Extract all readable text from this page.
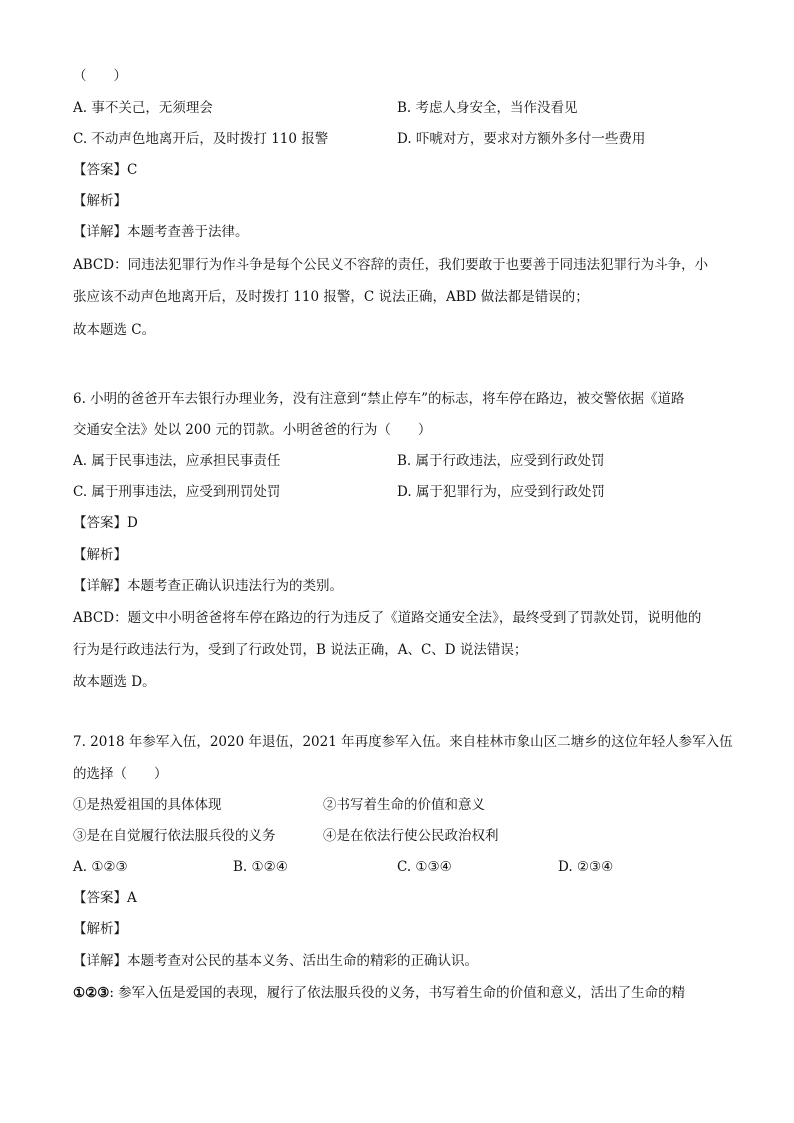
（　　）
A. 事不关己，无须理会	B. 考虑人身安全，当作没看见
C. 不动声色地离开后，及时拨打 110 报警	D. 吓唬对方，要求对方额外多付一些费用
【答案】C
【解析】
【详解】本题考查善于法律。
ABCD：同违法犯罪行为作斗争是每个公民义不容辞的责任，我们要敢于也要善于同违法犯罪行为斗争，小
张应该不动声色地离开后，及时拨打 110 报警，C 说法正确，ABD 做法都是错误的；
故本题选 C。
6. 小明的爸爸开车去银行办理业务，没有注意到“禁止停车”的标志，将车停在路边，被交警依据《道路
交通安全法》处以 200 元的罚款。小明爸爸的行为（　　）
A. 属于民事违法，应承担民事责任	B. 属于行政违法，应受到行政处罚
C. 属于刑事违法，应受到刑罚处罚	D. 属于犯罪行为，应受到行政处罚
【答案】D
【解析】
【详解】本题考查正确认识违法行为的类别。
ABCD：题文中小明爸爸将车停在路边的行为违反了《道路交通安全法》，最终受到了罚款处罚，说明他的
行为是行政违法行为，受到了行政处罚，B 说法正确，A、C、D 说法错误；
故本题选 D。
7. 2018 年参军入伍，2020 年退伍，2021 年再度参军入伍。来自桂林市象山区二塘乡的这位年轻人参军入伍
的选择（　　）
①是热爱祖国的具体体现	②书写着生命的价值和意义
③是在自觉履行依法服兵役的义务	④是在依法行使公民政治权利
A. ①②③	B. ①②④	C. ①③④	D. ②③④
【答案】A
【解析】
【详解】本题考查对公民的基本义务、活出生命的精彩的正确认识。
①②③: 参军入伍是爱国的表现，履行了依法服兵役的义务，书写着生命的价值和意义，活出了生命的精
